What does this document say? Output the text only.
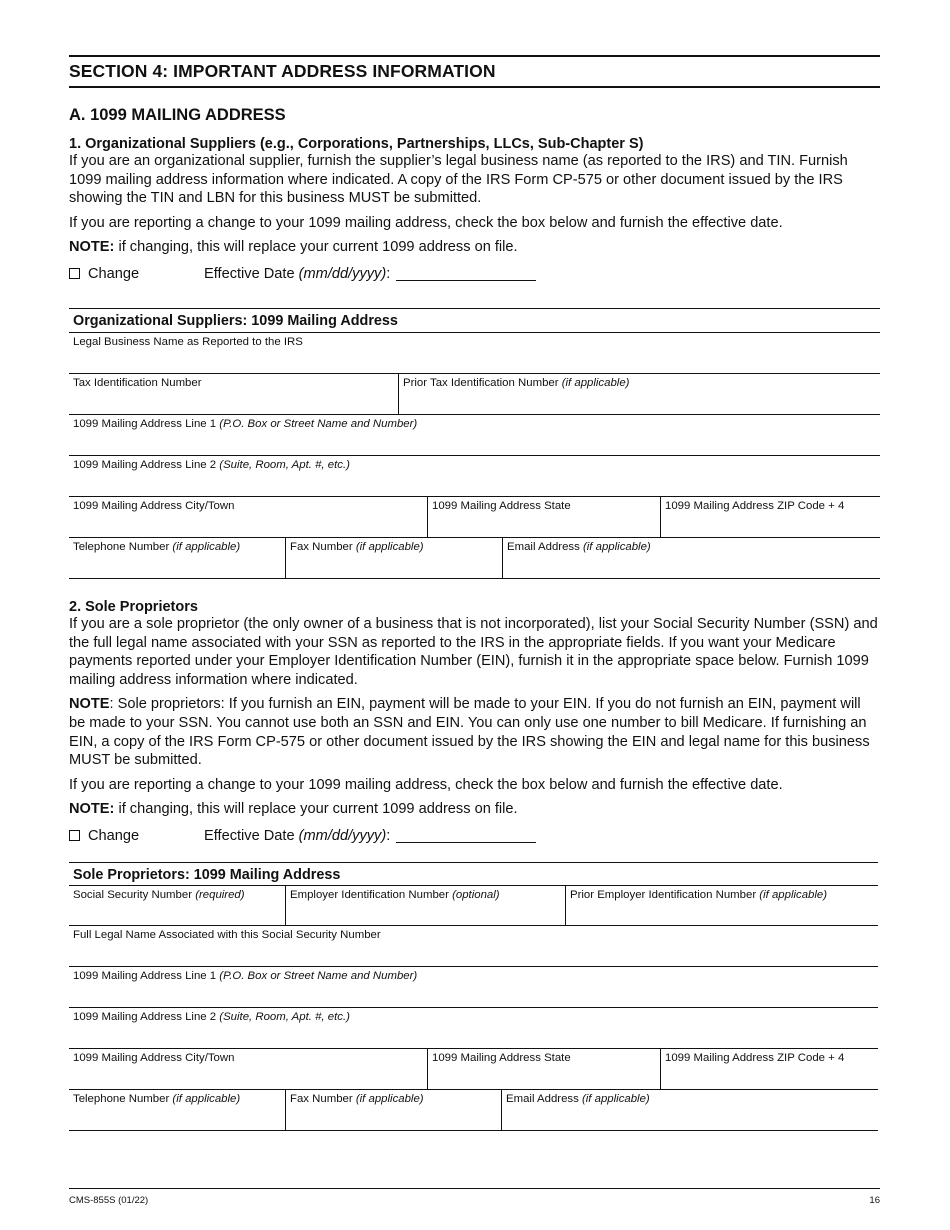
SECTION 4: IMPORTANT ADDRESS INFORMATION
A. 1099 MAILING ADDRESS
1. Organizational Suppliers (e.g., Corporations, Partnerships, LLCs, Sub-Chapter S)

If you are an organizational supplier, furnish the supplier’s legal business name (as reported to the IRS) and TIN. Furnish 1099 mailing address information where indicated. A copy of the IRS Form CP-575 or other document issued by the IRS showing the TIN and LBN for this business MUST be submitted.

If you are reporting a change to your 1099 mailing address, check the box below and furnish the effective date.

NOTE: if changing, this will replace your current 1099 address on file.

Change	Effective Date (mm/dd/yyyy):
Organizational Suppliers: 1099 Mailing Address
Legal Business Name as Reported to the IRS
Tax Identification Number	Prior Tax Identification Number (if applicable)
1099 Mailing Address Line 1 (P.O. Box or Street Name and Number)
1099 Mailing Address Line 2 (Suite, Room, Apt. #, etc.)
1099 Mailing Address City/Town	1099 Mailing Address State	1099 Mailing Address ZIP Code + 4
Telephone Number (if applicable)	Fax Number (if applicable)	Email Address (if applicable)
2. Sole Proprietors

If you are a sole proprietor (the only owner of a business that is not incorporated), list your Social Security Number (SSN) and the full legal name associated with your SSN as reported to the IRS in the appropriate fields. If you want your Medicare payments reported under your Employer Identification Number (EIN), furnish it in the appropriate space below. Furnish 1099 mailing address information where indicated.

NOTE: Sole proprietors: If you furnish an EIN, payment will be made to your EIN. If you do not furnish an EIN, payment will be made to your SSN. You cannot use both an SSN and EIN. You can only use one number to bill Medicare. If furnishing an EIN, a copy of the IRS Form CP-575 or other document issued by the IRS showing the EIN and legal name for this business MUST be submitted.

If you are reporting a change to your 1099 mailing address, check the box below and furnish the effective date.

NOTE: if changing, this will replace your current 1099 address on file.

Change	Effective Date (mm/dd/yyyy):
Sole Proprietors: 1099 Mailing Address
Social Security Number (required)	Employer Identification Number (optional)	Prior Employer Identification Number (if applicable)
Full Legal Name Associated with this Social Security Number
1099 Mailing Address Line 1 (P.O. Box or Street Name and Number)
1099 Mailing Address Line 2 (Suite, Room, Apt. #, etc.)
1099 Mailing Address City/Town	1099 Mailing Address State	1099 Mailing Address ZIP Code + 4
Telephone Number (if applicable)	Fax Number (if applicable)	Email Address (if applicable)
CMS-855S (01/22)	16
